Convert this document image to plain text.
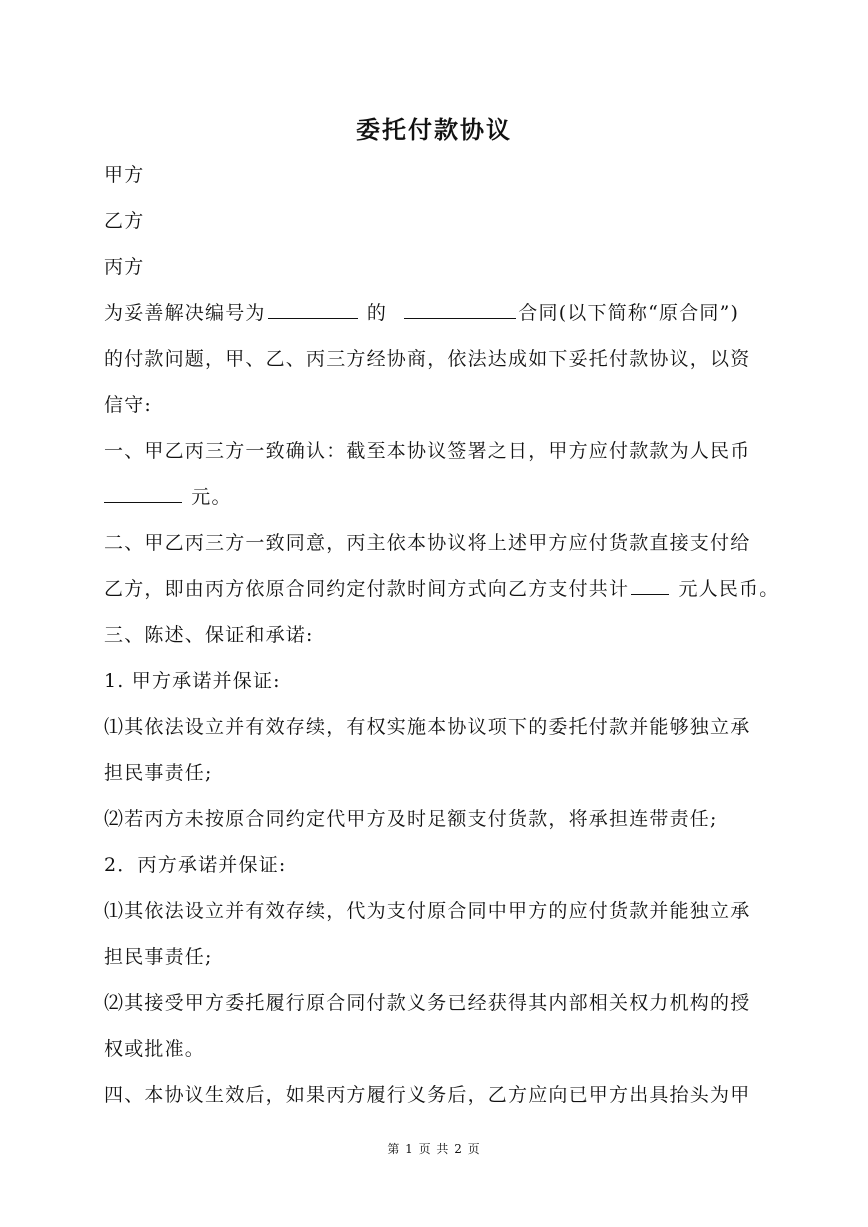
委托付款协议
甲方
乙方
丙方
为妥善解决编号为	的	合同(以下简称“原合同”)
的付款问题，甲、乙、丙三方经协商，依法达成如下妥托付款协议，以资
信守:
一、甲乙丙三方一致确认：截至本协议签署之日，甲方应付款款为人民币
元。
二、甲乙丙三方一致同意，丙主依本协议将上述甲方应付货款直接支付给
乙方，即由丙方依原合同约定付款时间方式向乙方支付共计 元人民币。
三、陈述、保证和承诺:
1. 甲方承诺并保证:
⑴其依法设立并有效存续，有权实施本协议项下的委托付款并能够独立承
担民事责任;
⑵若丙方未按原合同约定代甲方及时足额支付货款，将承担连带责任;
2．丙方承诺并保证:
⑴其依法设立并有效存续，代为支付原合同中甲方的应付货款并能独立承
担民事责任;
⑵其接受甲方委托履行原合同付款义务已经获得其内部相关权力机构的授
权或批准。
四、本协议生效后，如果丙方履行义务后，乙方应向已甲方出具抬头为甲
第 1 页 共 2 页
